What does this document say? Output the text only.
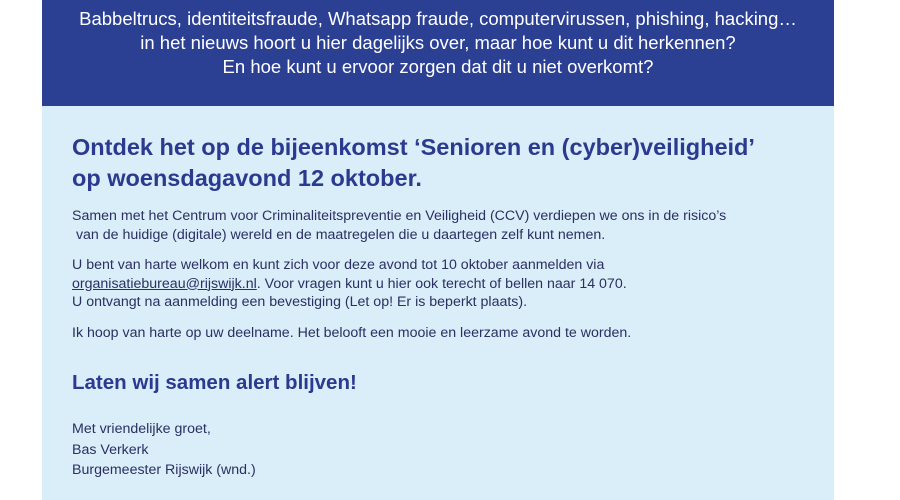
Babbeltrucs, identiteitsfraude, Whatsapp fraude, computervirussen, phishing, hacking…
in het nieuws hoort u hier dagelijks over, maar hoe kunt u dit herkennen?
En hoe kunt u ervoor zorgen dat dit u niet overkomt?
Ontdek het op de bijeenkomst ‘Senioren en (cyber)veiligheid’
op woensdagavond 12 oktober.
Samen met het Centrum voor Criminaliteitspreventie en Veiligheid (CCV) verdiepen we ons in de risico’s
van de huidige (digitale) wereld en de maatregelen die u daartegen zelf kunt nemen.
U bent van harte welkom en kunt zich voor deze avond tot 10 oktober aanmelden via
organisatiebureau@rijswijk.nl. Voor vragen kunt u hier ook terecht of bellen naar 14 070.
U ontvangt na aanmelding een bevestiging (Let op! Er is beperkt plaats).
Ik hoop van harte op uw deelname. Het belooft een mooie en leerzame avond te worden.
Laten wij samen alert blijven!
Met vriendelijke groet,
Bas Verkerk
Burgemeester Rijswijk (wnd.)
